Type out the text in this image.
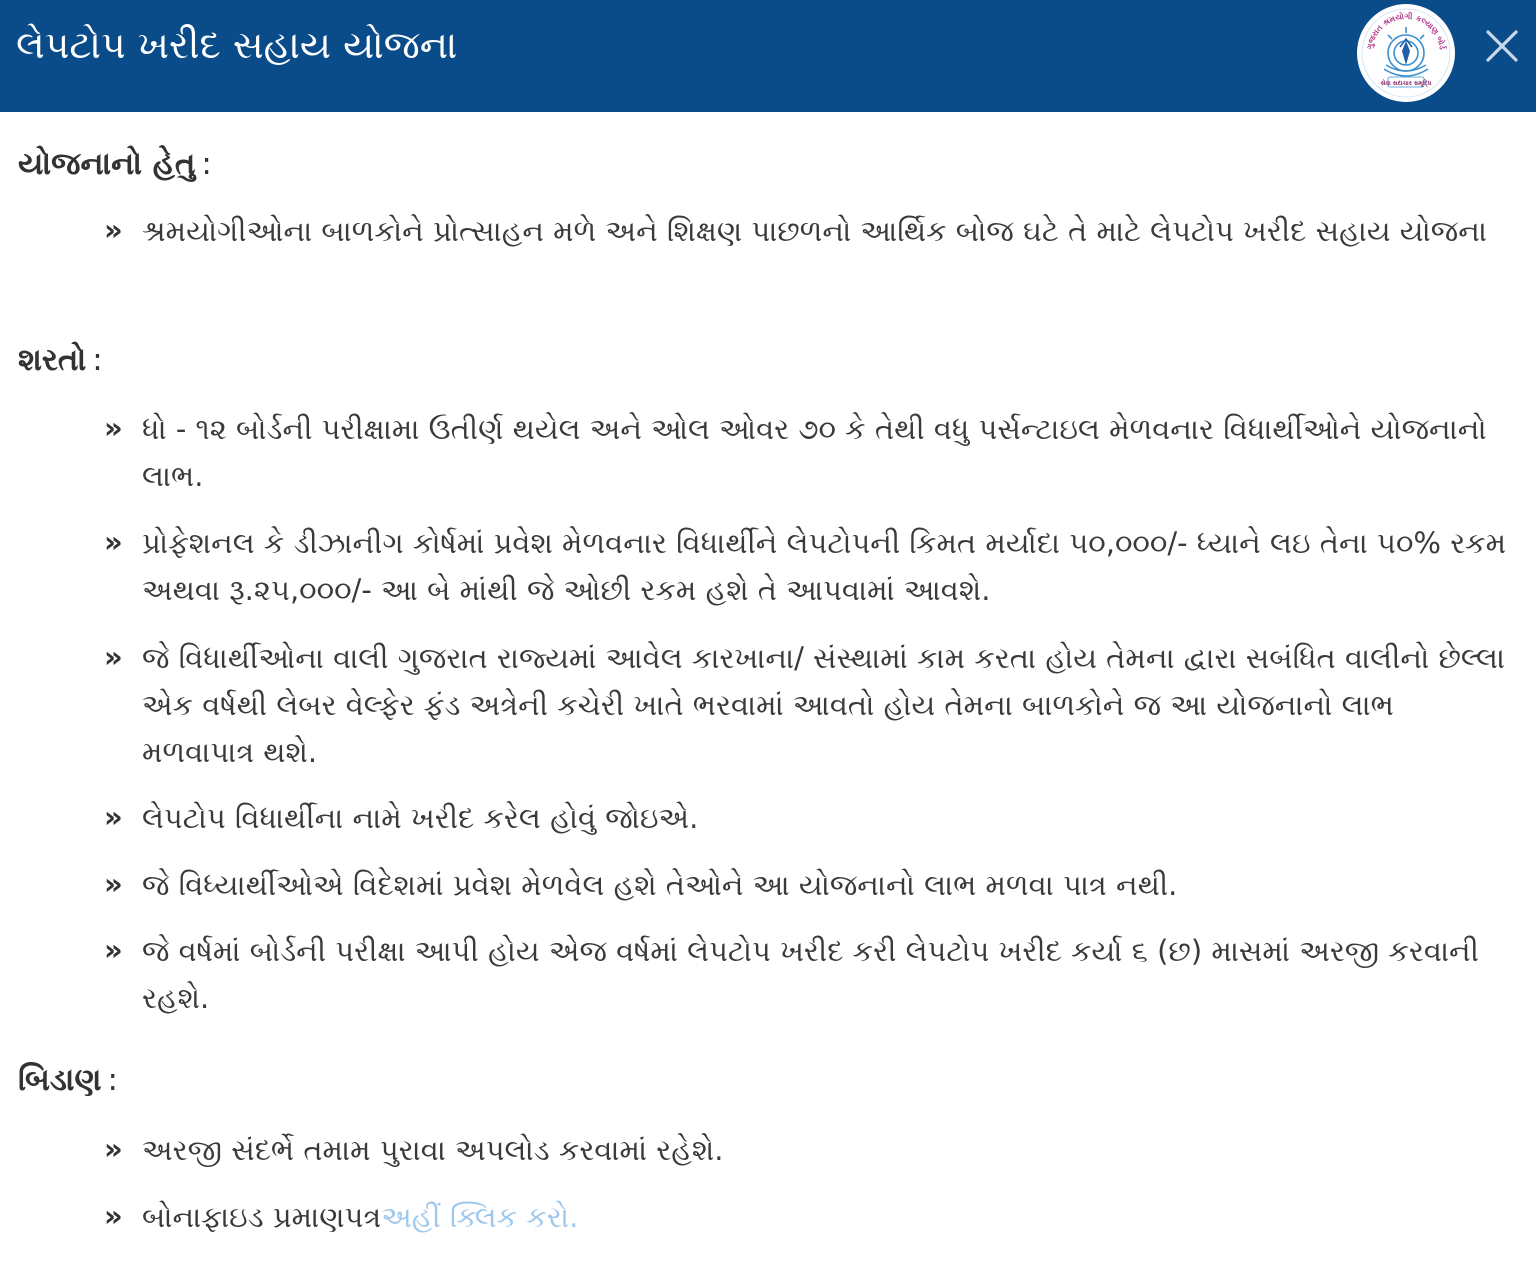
લેપટોપ ખરીદ સહાય યોજના	ગુજરાત શ્રમયોગી કલ્યાણ બોર્ડ
સેવા સદાચાર સમૃદ્ધિ
યોજનાનો હેતુ :
» શ્રમયોગીઓના બાળકોને પ્રોત્સાહન મળે અને શિક્ષણ પાછળનો આર્થિક બોજ ઘટે તે માટે લેપટોપ ખરીદ સહાય યોજના
શરતો :
» ધો - ૧૨ બોર્ડની પરીક્ષામા ઉતીર્ણ થયેલ અને ઓલ ઓવર ૭૦ કે તેથી વધુ પર્સન્ટાઇલ મેળવનાર વિધાર્થીઓને યોજનાનો લાભ.
» પ્રોફેશનલ કે ડીઝાનીગ કોર્ષમાં પ્રવેશ મેળવનાર વિધાર્થીને લેપટોપની કિમત મર્યાદા ૫૦,૦૦૦/- ધ્યાને લઇ તેના ૫૦% રકમ અથવા રૂ.૨૫,૦૦૦/- આ બે માંથી જે ઓછી રકમ હશે તે આપવામાં આવશે.
» જે વિધાર્થીઓના વાલી ગુજરાત રાજ્યમાં આવેલ કારખાના/ સંસ્થામાં કામ કરતા હોય તેમના દ્વારા સબંધિત વાલીનો છેલ્લા એક વર્ષથી લેબર વેલ્ફેર ફંડ અત્રેની કચેરી ખાતે ભરવામાં આવતો હોય તેમના બાળકોને જ આ યોજનાનો લાભ મળવાપાત્ર થશે.
» લેપટોપ વિધાર્થીના નામે ખરીદ કરેલ હોવું જોઇએ.
» જે વિધ્યાર્થીઓએ વિદેશમાં પ્રવેશ મેળવેલ હશે તેઓને આ યોજનાનો લાભ મળવા પાત્ર નથી.
» જે વર્ષમાં બોર્ડની પરીક્ષા આપી હોય એજ વર્ષમાં લેપટોપ ખરીદ કરી લેપટોપ ખરીદ કર્યા ૬ (છ) માસમાં અરજી કરવાની રહશે.
બિડાણ :
» અરજી સંદર્ભે તમામ પુરાવા અપલોડ કરવામાં રહેશે.
» બોનાફાઇડ પ્રમાણપત્રઅહીં ક્લિક કરો.
